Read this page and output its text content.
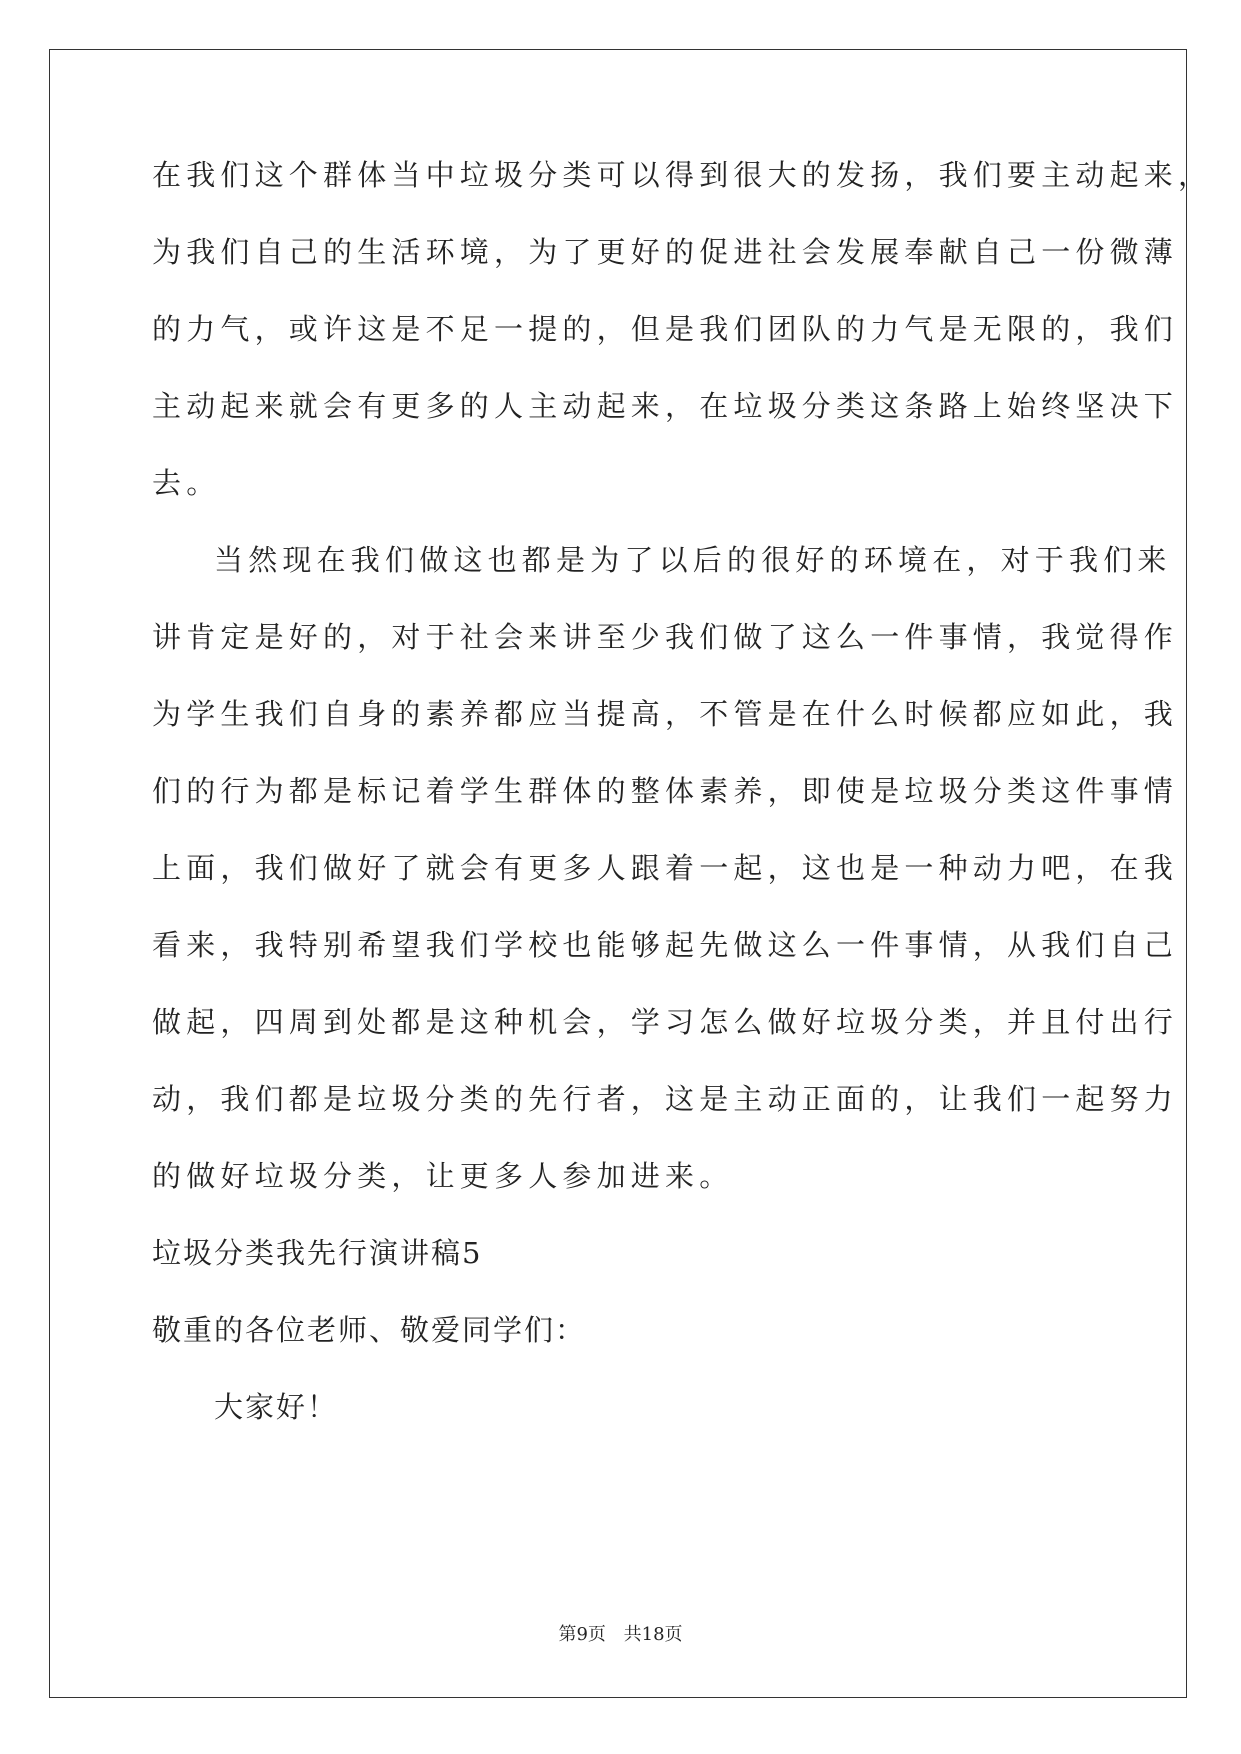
在我们这个群体当中垃圾分类可以得到很大的发扬，我们要主动起来，
为我们自己的生活环境，为了更好的促进社会发展奉献自己一份微薄
的力气，或许这是不足一提的，但是我们团队的力气是无限的，我们
主动起来就会有更多的人主动起来，在垃圾分类这条路上始终坚决下
去。
当然现在我们做这也都是为了以后的很好的环境在，对于我们来
讲肯定是好的，对于社会来讲至少我们做了这么一件事情，我觉得作
为学生我们自身的素养都应当提高，不管是在什么时候都应如此，我
们的行为都是标记着学生群体的整体素养，即使是垃圾分类这件事情
上面，我们做好了就会有更多人跟着一起，这也是一种动力吧，在我
看来，我特别希望我们学校也能够起先做这么一件事情，从我们自己
做起，四周到处都是这种机会，学习怎么做好垃圾分类，并且付出行
动，我们都是垃圾分类的先行者，这是主动正面的，让我们一起努力
的做好垃圾分类，让更多人参加进来。
垃圾分类我先行演讲稿5
敬重的各位老师、敬爱同学们：
大家好！
第9页 共18页
